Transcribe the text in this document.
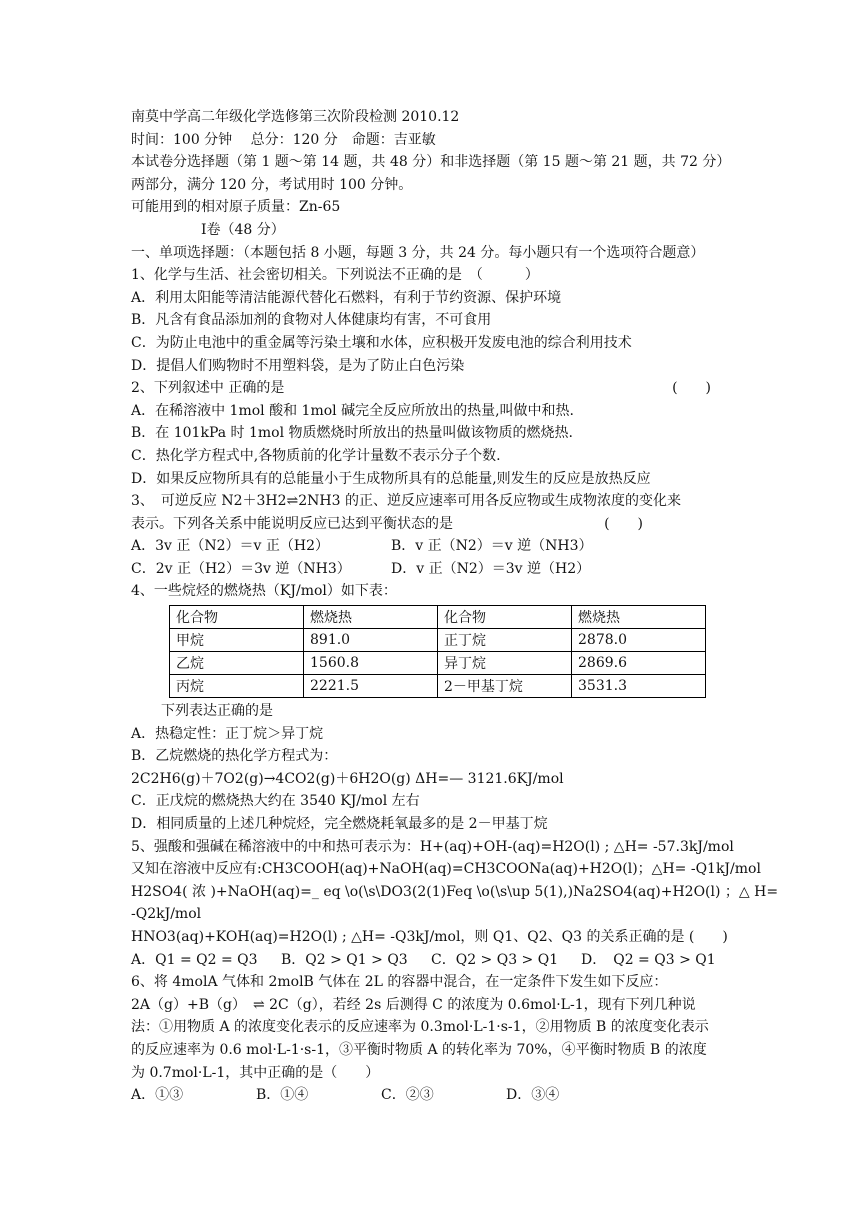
南莫中学高二年级化学选修第三次阶段检测 2010.12
时间：100 分钟　 总分：120 分　命题：吉亚敏
本试卷分选择题（第 1 题～第 14 题，共 48 分）和非选择题（第 15 题～第 21 题，共 72 分）
两部分，满分 120 分，考试用时 100 分钟。
可能用到的相对原子质量：Zn-65
Ⅰ卷（48 分）
一、单项选择题：（本题包括 8 小题，每题 3 分，共 24 分。每小题只有一个选项符合题意）
1、化学与生活、社会密切相关。下列说法不正确的是　（　　　）
A．利用太阳能等清洁能源代替化石燃料，有利于节约资源、保护环境
B．凡含有食品添加剂的食物对人体健康均有害，不可食用
C．为防止电池中的重金属等污染土壤和水体，应积极开发废电池的综合利用技术
D．提倡人们购物时不用塑料袋，是为了防止白色污染
2、下列叙述中 正确的是	(　　)
A．在稀溶液中 1mol 酸和 1mol 碱完全反应所放出的热量,叫做中和热.
B．在 101kPa 时 1mol 物质燃烧时所放出的热量叫做该物质的燃烧热.
C．热化学方程式中,各物质前的化学计量数不表示分子个数.
D．如果反应物所具有的总能量小于生成物所具有的总能量,则发生的反应是放热反应
3、　可逆反应 N2＋3H2⇌2NH3 的正、逆反应速率可用各反应物或生成物浓度的变化来
表示。下列各关系中能说明反应已达到平衡状态的是	(　　)
A．3v 正（N2）＝v 正（H2）	B．v 正（N2）＝v 逆（NH3）
C．2v 正（H2）＝3v 逆（NH3）	D．v 正（N2）＝3v 逆（H2）
4、一些烷烃的燃烧热（KJ/mol）如下表：
化合物	燃烧热	化合物	燃烧热
甲烷	891.0	正丁烷	2878.0
乙烷	1560.8	异丁烷	2869.6
丙烷	2221.5	2－甲基丁烷	3531.3
下列表达正确的是
A．热稳定性：正丁烷＞异丁烷
B．乙烷燃烧的热化学方程式为：
2C2H6(g)＋7O2(g)→4CO2(g)＋6H2O(g) ΔH=— 3121.6KJ/mol
C．正戊烷的燃烧热大约在 3540 KJ/mol 左右
D．相同质量的上述几种烷烃，完全燃烧耗氧最多的是 2－甲基丁烷
5、强酸和强碱在稀溶液中的中和热可表示为：H+(aq)+OH-(aq)=H2O(l) ; △H= -57.3kJ/mol
又知在溶液中反应有:CH3COOH(aq)+NaOH(aq)=CH3COONa(aq)+H2O(l)；△H= -Q1kJ/mol
H2SO4( 浓 )+NaOH(aq)=_ eq \o(\s\DO3(2(1)Feq \o(\s\up 5(1),)Na2SO4(aq)+H2O(l) ； △ H=
-Q2kJ/mol
HNO3(aq)+KOH(aq)=H2O(l) ; △H= -Q3kJ/mol，则 Q1、Q2、Q3 的关系正确的是 (　　)
A．Q1 = Q2 = Q3	B．Q2 > Q1 > Q3	C．Q2 > Q3 > Q1	D．　Q2 = Q3 > Q1
6、将 4molA 气体和 2molB 气体在 2L 的容器中混合，在一定条件下发生如下反应：
2A（g）+B（g）　⇌ 2C（g），若经 2s 后测得 C 的浓度为 0.6mol·L-1，现有下列几种说
法：①用物质 A 的浓度变化表示的反应速率为 0.3mol·L-1·s-1，②用物质 B 的浓度变化表示
的反应速率为 0.6 mol·L-1·s-1，③平衡时物质 A 的转化率为 70%，④平衡时物质 B 的浓度
为 0.7mol·L-1，其中正确的是（　　）
A．①③	B．①④	C．②③	D．③④
